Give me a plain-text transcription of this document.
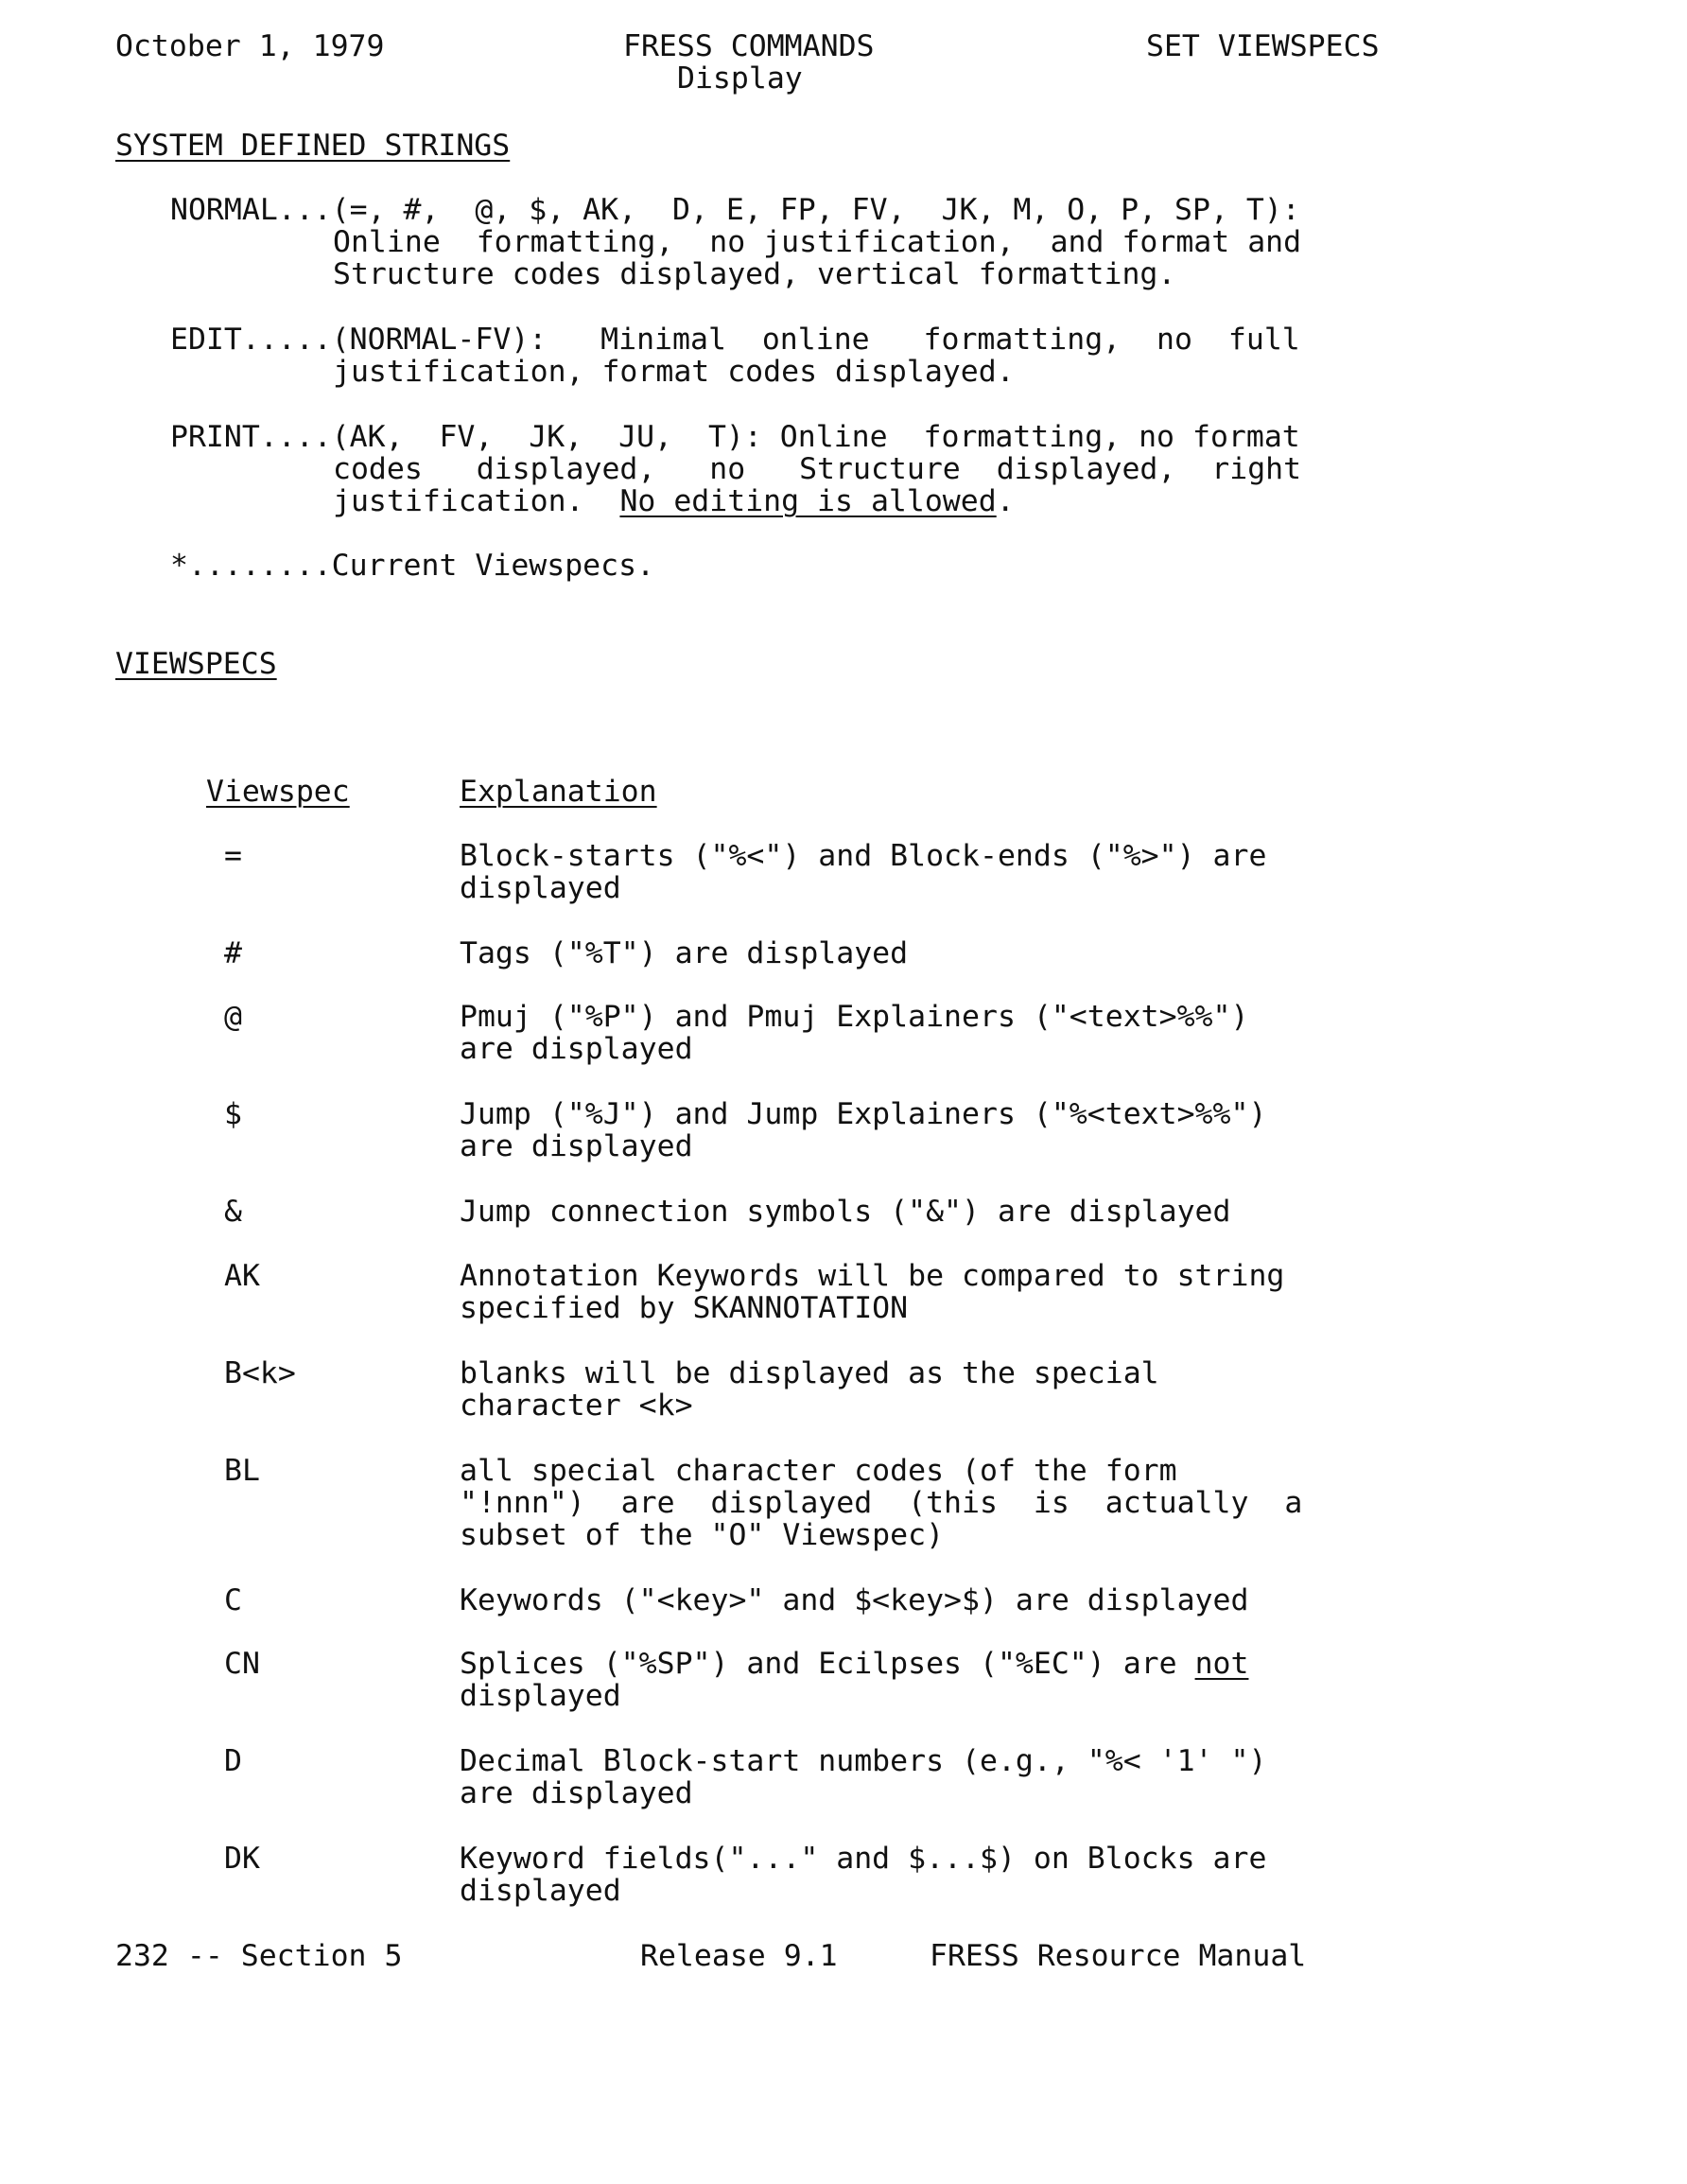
October 1, 1979	FRESS COMMANDS
Display
SET VIEWSPECS
SYSTEM DEFINED STRINGS
NORMAL...(=, #,  @, $, AK,  D, E, FP, FV,  JK, M, O, P, SP, T):
Online  formatting,  no justification,  and format and
Structure codes displayed, vertical formatting.
EDIT.....(NORMAL-FV):   Minimal  online   formatting,  no  full
justification, format codes displayed.
PRINT....(AK,  FV,  JK,  JU,  T): Online  formatting, no format
codes   displayed,   no   Structure  displayed,  right
justification.  No editing is allowed.
*........Current Viewspecs.
VIEWSPECS
Viewspec	Explanation
=	Block-starts ("%<") and Block-ends ("%>") are
displayed
#	Tags ("%T") are displayed
@	Pmuj ("%P") and Pmuj Explainers ("<text>%%")
are displayed
$	Jump ("%J") and Jump Explainers ("%<text>%%")
are displayed
&	Jump connection symbols ("&") are displayed
AK	Annotation Keywords will be compared to string
specified by SKANNOTATION
B<k>	blanks will be displayed as the special
character <k>
BL	all special character codes (of the form
"!nnn")  are  displayed  (this  is  actually  a
subset of the "O" Viewspec)
C	Keywords ("<key>" and $<key>$) are displayed
CN	Splices ("%SP") and Ecilpses ("%EC") are not
displayed
D	Decimal Block-start numbers (e.g., "%< '1' ")
are displayed
DK	Keyword fields("..." and $...$) on Blocks are
displayed
232 -- Section 5	Release 9.1	FRESS Resource Manual
